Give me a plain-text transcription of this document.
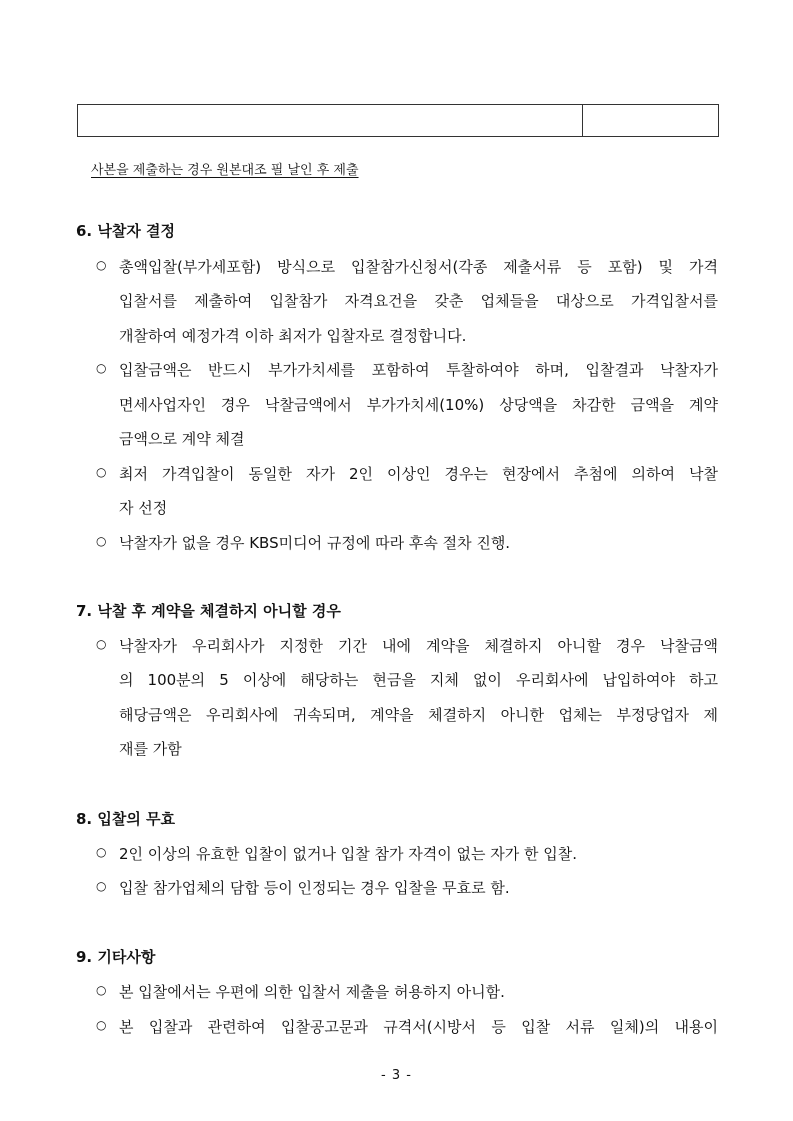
사본을 제출하는 경우 원본대조 필 날인 후 제출
6. 낙찰자 결정
○ 총액입찰(부가세포함) 방식으로 입찰참가신청서(각종 제출서류 등 포함) 및 가격
입찰서를 제출하여 입찰참가 자격요건을 갖춘 업체들을 대상으로 가격입찰서를
개찰하여 예정가격 이하 최저가 입찰자로 결정합니다.
○ 입찰금액은 반드시 부가가치세를 포함하여 투찰하여야 하며, 입찰결과 낙찰자가
면세사업자인 경우 낙찰금액에서 부가가치세(10%) 상당액을 차감한 금액을 계약
금액으로 계약 체결
○ 최저 가격입찰이 동일한 자가 2인 이상인 경우는 현장에서 추첨에 의하여 낙찰
자 선정
○ 낙찰자가 없을 경우 KBS미디어 규정에 따라 후속 절차 진행.
7. 낙찰 후 계약을 체결하지 아니할 경우
○ 낙찰자가 우리회사가 지정한 기간 내에 계약을 체결하지 아니할 경우 낙찰금액
의 100분의 5 이상에 해당하는 현금을 지체 없이 우리회사에 납입하여야 하고
해당금액은 우리회사에 귀속되며, 계약을 체결하지 아니한 업체는 부정당업자 제
재를 가함
8. 입찰의 무효
○ 2인 이상의 유효한 입찰이 없거나 입찰 참가 자격이 없는 자가 한 입찰.
○ 입찰 참가업체의 담합 등이 인정되는 경우 입찰을 무효로 함.
9. 기타사항
○ 본 입찰에서는 우편에 의한 입찰서 제출을 허용하지 아니함.
○ 본 입찰과 관련하여 입찰공고문과 규격서(시방서 등 입찰 서류 일체)의 내용이
- 3 -
